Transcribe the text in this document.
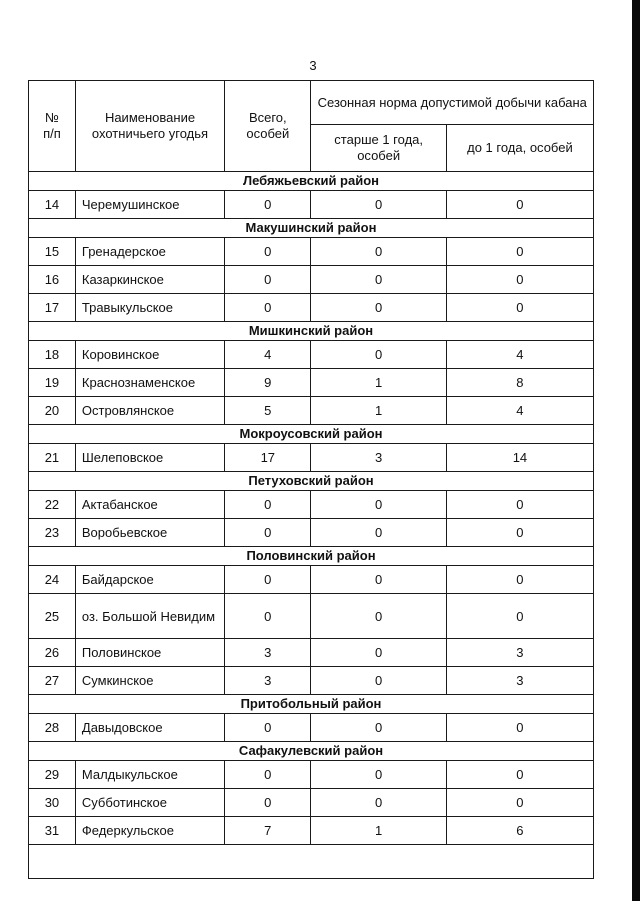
3
№
п/п	Наименование охотничьего угодья	Всего, особей	Сезонная норма допустимой добычи кабана	
			старше 1 года, особей	до 1 года, особей
Лебяжьевский район				
14	Черемушинское	0	0	0
Макушинский район				
15	Гренадерское	0	0	0
16	Казаркинское	0	0	0
17	Травыкульское	0	0	0
Мишкинский район				
18	Коровинское	4	0	4
19	Краснознаменское	9	1	8
20	Островлянское	5	1	4
Мокроусовский район				
21	Шелеповское	17	3	14
Петуховский район				
22	Актабанское	0	0	0
23	Воробьевское	0	0	0
Половинский район				
24	Байдарское	0	0	0
25	оз. Большой Невидим	0	0	0
26	Половинское	3	0	3
27	Сумкинское	3	0	3
Притобольный район				
28	Давыдовское	0	0	0
Сафакулевский район				
29	Малдыкульское	0	0	0
30	Субботинское	0	0	0
31	Федеркульское	7	1	6
